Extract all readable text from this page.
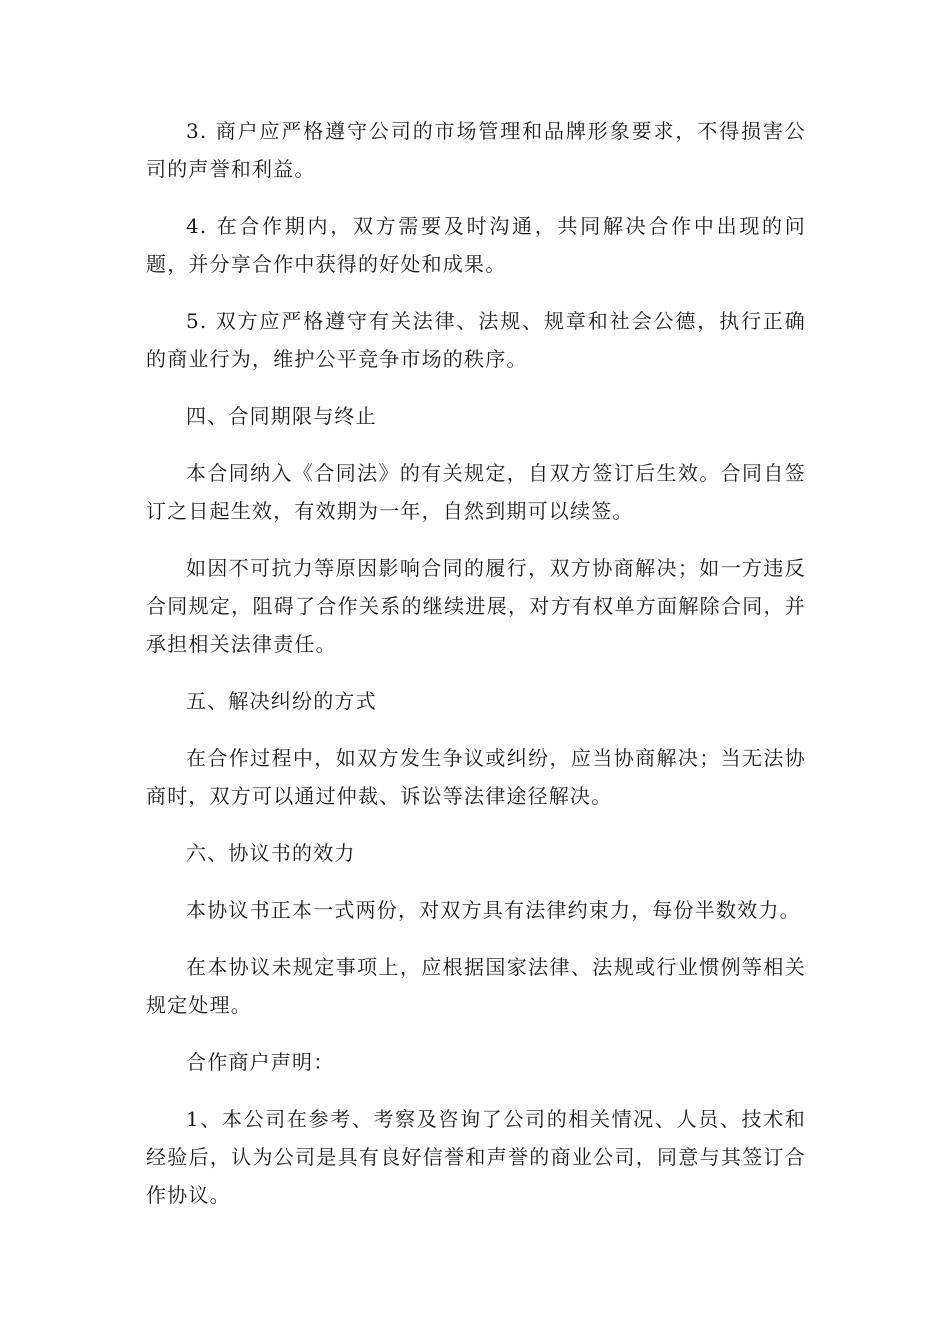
3. 商户应严格遵守公司的市场管理和品牌形象要求，不得损害公司的声誉和利益。

4. 在合作期内，双方需要及时沟通，共同解决合作中出现的问题，并分享合作中获得的好处和成果。

5. 双方应严格遵守有关法律、法规、规章和社会公德，执行正确的商业行为，维护公平竞争市场的秩序。

四、合同期限与终止

本合同纳入《合同法》的有关规定，自双方签订后生效。合同自签订之日起生效，有效期为一年，自然到期可以续签。

如因不可抗力等原因影响合同的履行，双方协商解决；如一方违反合同规定，阻碍了合作关系的继续进展，对方有权单方面解除合同，并承担相关法律责任。

五、解决纠纷的方式

在合作过程中，如双方发生争议或纠纷，应当协商解决；当无法协商时，双方可以通过仲裁、诉讼等法律途径解决。

六、协议书的效力

本协议书正本一式两份，对双方具有法律约束力，每份半数效力。

在本协议未规定事项上，应根据国家法律、法规或行业惯例等相关规定处理。

合作商户声明：

1、本公司在参考、考察及咨询了公司的相关情况、人员、技术和经验后，认为公司是具有良好信誉和声誉的商业公司，同意与其签订合作协议。
